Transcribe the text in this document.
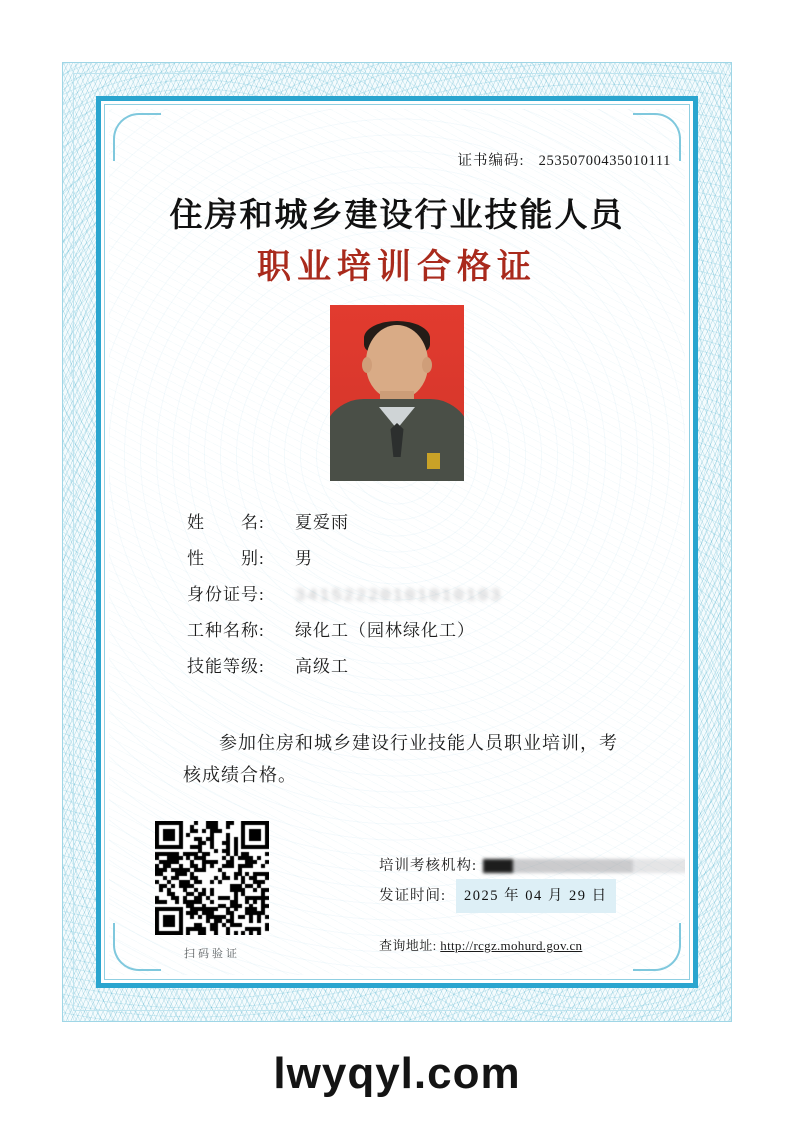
证书编码: 25350700435010111
住房和城乡建设行业技能人员
职业培训合格证
姓　　名:	夏爱雨
性　　别:	男
身份证号:	34152220101010103
工种名称:	绿化工（园林绿化工）
技能等级:	高级工
参加住房和城乡建设行业技能人员职业培训，考核成绩合格。
扫码验证
培训考核机构:
发证时间:	2025 年 04 月 29 日
查询地址: http://rcgz.mohurd.gov.cn
lwyqyl.com
